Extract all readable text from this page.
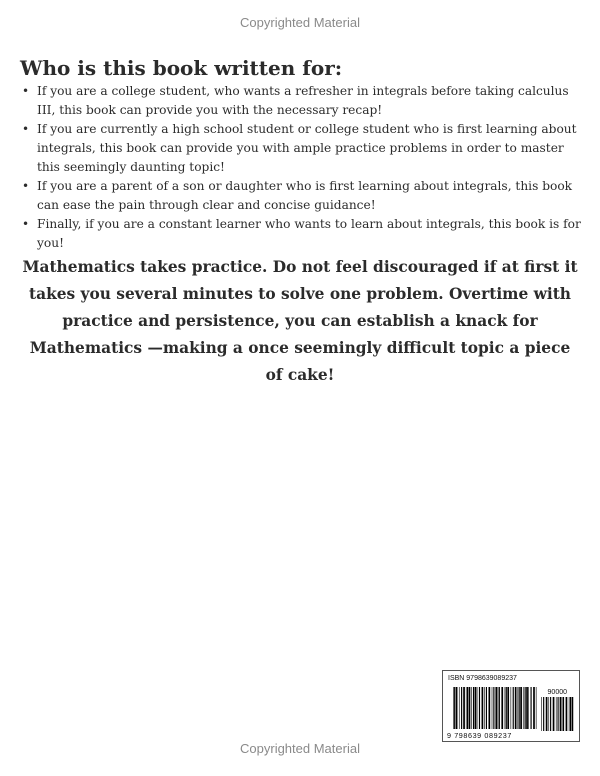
Copyrighted Material
Who is this book written for:
• If you are a college student, who wants a refresher in integrals before taking calculus III, this book can provide you with the necessary recap!
• If you are currently a high school student or college student who is first learning about integrals, this book can provide you with ample practice problems in order to master this seemingly daunting topic!
• If you are a parent of a son or daughter who is first learning about integrals, this book can ease the pain through clear and concise guidance!
• Finally, if you are a constant learner who wants to learn about integrals, this book is for you!

Mathematics takes practice. Do not feel discouraged if at first it takes you several minutes to solve one problem. Overtime with practice and persistence, you can establish a knack for Mathematics —making a once seemingly difficult topic a piece of cake!

ISBN 9798639089237
90000
9 798639 089237
Copyrighted Material
